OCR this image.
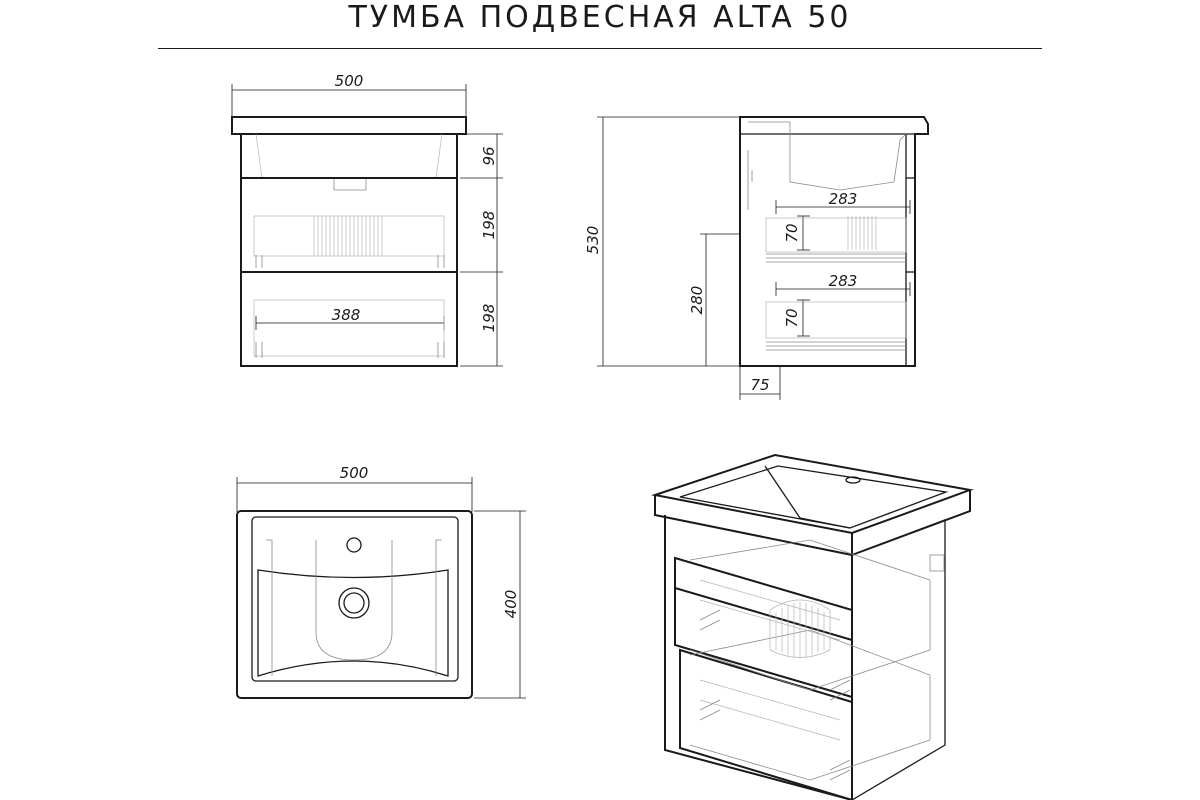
ТУМБА ПОДВЕСНАЯ ALTA 50
500
388
96
198
198
530
280
75
283
70
283
70
500
400
